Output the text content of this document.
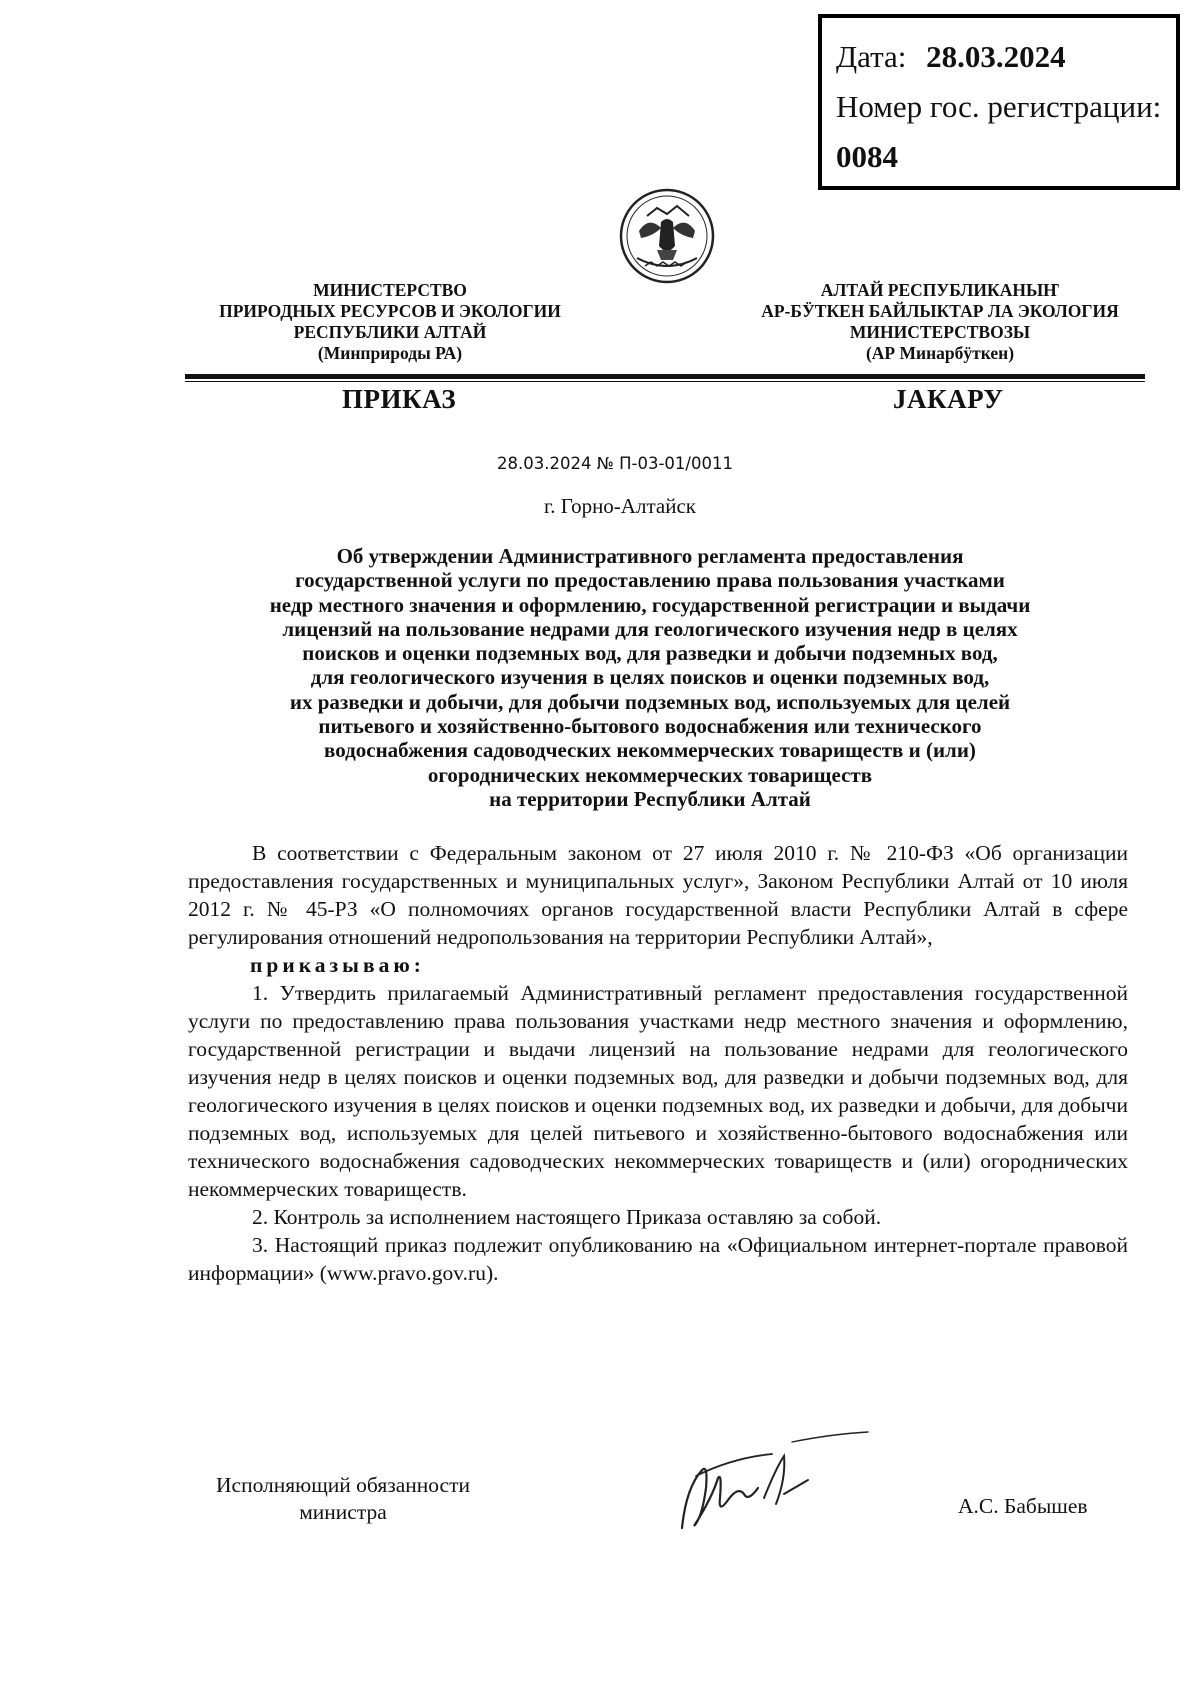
Дата: 28.03.2024
Номер гос. регистрации:
0084
МИНИСТЕРСТВО
ПРИРОДНЫХ РЕСУРСОВ И ЭКОЛОГИИ
РЕСПУБЛИКИ АЛТАЙ
(Минприроды РА)
АЛТАЙ РЕСПУБЛИКАНЫҤ
АР-БӰТКЕН БАЙЛЫКТАР ЛА ЭКОЛОГИЯ
МИНИСТЕРСТВОЗЫ
(АР Минарбӱткен)
ПРИКАЗ	JАКАРУ
28.03.2024 № П-03-01/0011
г. Горно-Алтайск
Об утверждении Административного регламента предоставления
государственной услуги по предоставлению права пользования участками
недр местного значения и оформлению, государственной регистрации и выдачи
лицензий на пользование недрами для геологического изучения недр в целях
поисков и оценки подземных вод, для разведки и добычи подземных вод,
для геологического изучения в целях поисков и оценки подземных вод,
их разведки и добычи, для добычи подземных вод, используемых для целей
питьевого и хозяйственно-бытового водоснабжения или технического
водоснабжения садоводческих некоммерческих товариществ и (или)
огороднических некоммерческих товариществ
на территории Республики Алтай

В соответствии с Федеральным законом от 27 июля 2010 г. № 210-ФЗ «Об организации предоставления государственных и муниципальных услуг», Законом Республики Алтай от 10 июля 2012 г. № 45-РЗ «О полномочиях органов государственной власти Республики Алтай в сфере регулирования отношений недропользования на территории Республики Алтай»,

приказываю:

1. Утвердить прилагаемый Административный регламент предоставления государственной услуги по предоставлению права пользования участками недр местного значения и оформлению, государственной регистрации и выдачи лицензий на пользование недрами для геологического изучения недр в целях поисков и оценки подземных вод, для разведки и добычи подземных вод, для геологического изучения в целях поисков и оценки подземных вод, их разведки и добычи, для добычи подземных вод, используемых для целей питьевого и хозяйственно-бытового водоснабжения или технического водоснабжения садоводческих некоммерческих товариществ и (или) огороднических некоммерческих товариществ.

2. Контроль за исполнением настоящего Приказа оставляю за собой.

3. Настоящий приказ подлежит опубликованию на «Официальном интернет-портале правовой информации» (www.pravo.gov.ru).

Исполняющий обязанности
министра	А.С. Бабышев
